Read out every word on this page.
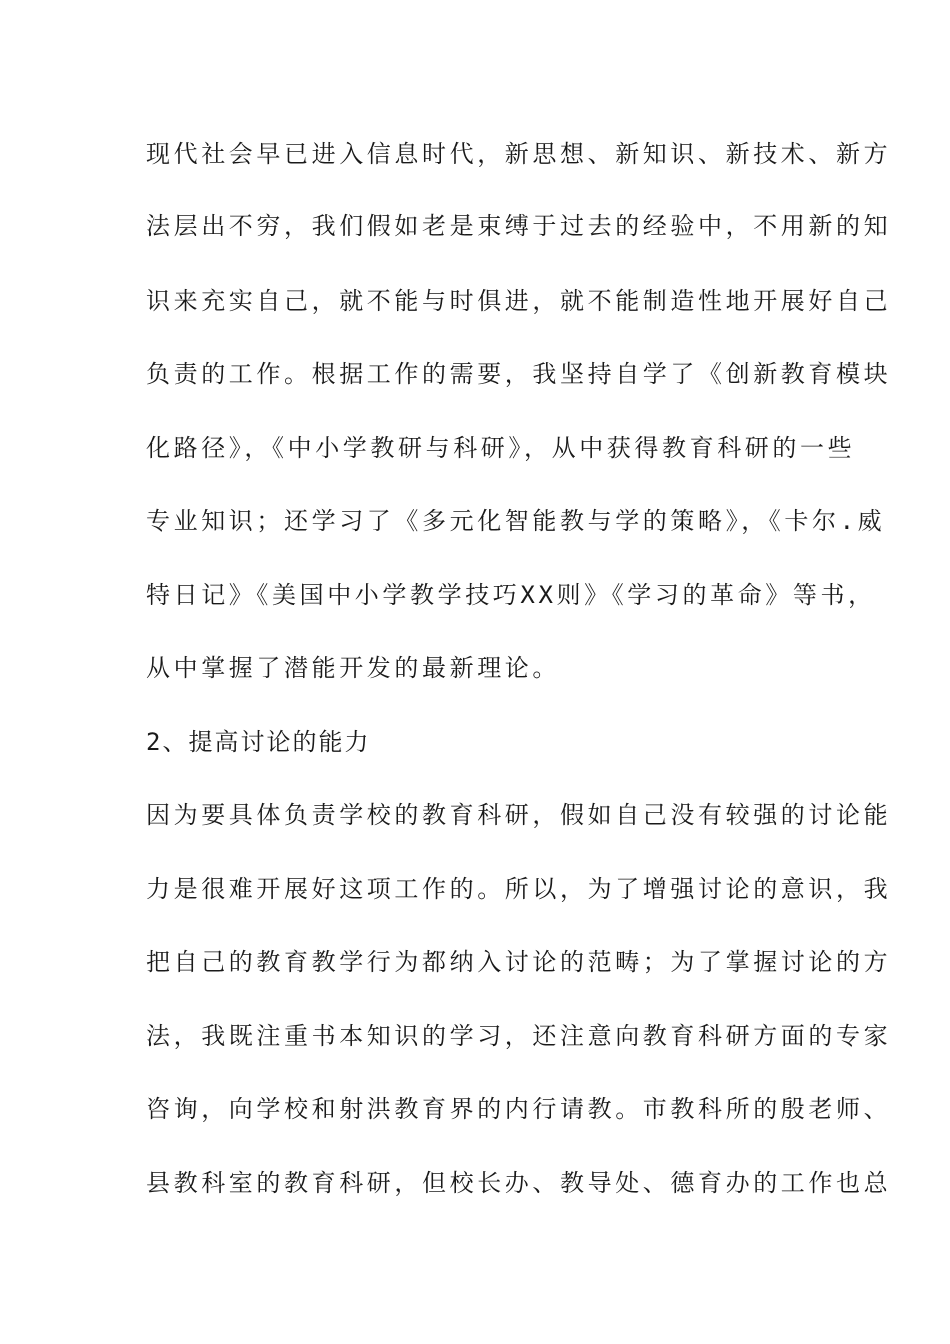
现代社会早已进入信息时代，新思想、新知识、新技术、新方
法层出不穷，我们假如老是束缚于过去的经验中，不用新的知
识来充实自己，就不能与时俱进，就不能制造性地开展好自己
负责的工作。根据工作的需要，我坚持自学了《创新教育模块
化路径》，《中小学教研与科研》，从中获得教育科研的一些
专业知识；还学习了《多元化智能教与学的策略》，《卡尔.威
特日记》《美国中小学教学技巧XX则》《学习的革命》等书，
从中掌握了潜能开发的最新理论。
2、提高讨论的能力
因为要具体负责学校的教育科研，假如自己没有较强的讨论能
力是很难开展好这项工作的。所以，为了增强讨论的意识，我
把自己的教育教学行为都纳入讨论的范畴；为了掌握讨论的方
法，我既注重书本知识的学习，还注意向教育科研方面的专家
咨询，向学校和射洪教育界的内行请教。市教科所的殷老师、
县教科室的教育科研，但校长办、教导处、德育办的工作也总
